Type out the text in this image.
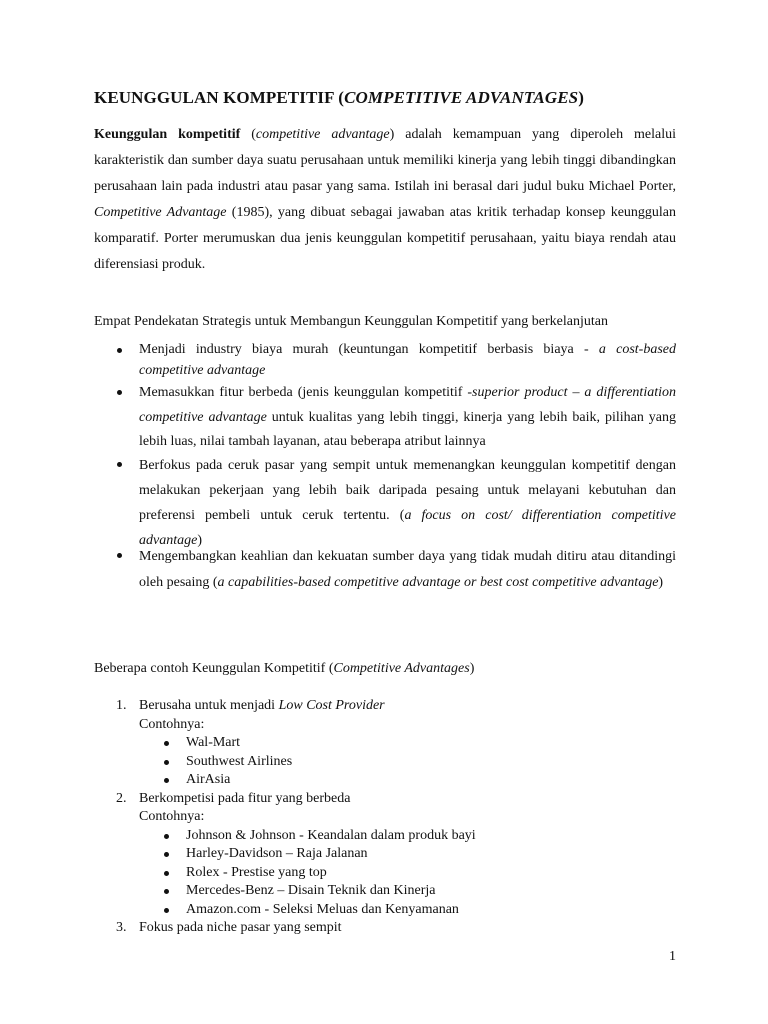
KEUNGGULAN KOMPETITIF (COMPETITIVE ADVANTAGES)

Keunggulan kompetitif (competitive advantage) adalah kemampuan yang diperoleh melalui karakteristik dan sumber daya suatu perusahaan untuk memiliki kinerja yang lebih tinggi dibandingkan perusahaan lain pada industri atau pasar yang sama. Istilah ini berasal dari judul buku Michael Porter, Competitive Advantage (1985), yang dibuat sebagai jawaban atas kritik terhadap konsep keunggulan komparatif. Porter merumuskan dua jenis keunggulan kompetitif perusahaan, yaitu biaya rendah atau diferensiasi produk.

Empat Pendekatan Strategis untuk Membangun Keunggulan Kompetitif yang berkelanjutan

Menjadi industry biaya murah (keuntungan kompetitif berbasis biaya - a cost-based competitive advantage
Memasukkan fitur berbeda (jenis keunggulan kompetitif -superior product – a differentiation competitive advantage untuk kualitas yang lebih tinggi, kinerja yang lebih baik, pilihan yang lebih luas, nilai tambah layanan, atau beberapa atribut lainnya
Berfokus pada ceruk pasar yang sempit untuk memenangkan keunggulan kompetitif dengan melakukan pekerjaan yang lebih baik daripada pesaing untuk melayani kebutuhan dan preferensi pembeli untuk ceruk tertentu. (a focus on cost/ differentiation competitive advantage)
Mengembangkan keahlian dan kekuatan sumber daya yang tidak mudah ditiru atau ditandingi oleh pesaing (a capabilities-based competitive advantage or best cost competitive advantage)

Beberapa contoh Keunggulan Kompetitif (Competitive Advantages)

1. Berusaha untuk menjadi Low Cost Provider
Contohnya:
Wal-Mart
Southwest Airlines
AirAsia
2. Berkompetisi pada fitur yang berbeda
Contohnya:
Johnson & Johnson - Keandalan dalam produk bayi
Harley-Davidson – Raja Jalanan
Rolex - Prestise yang top
Mercedes-Benz – Disain Teknik dan Kinerja
Amazon.com - Seleksi Meluas dan Kenyamanan
3. Fokus pada niche pasar yang sempit
1
